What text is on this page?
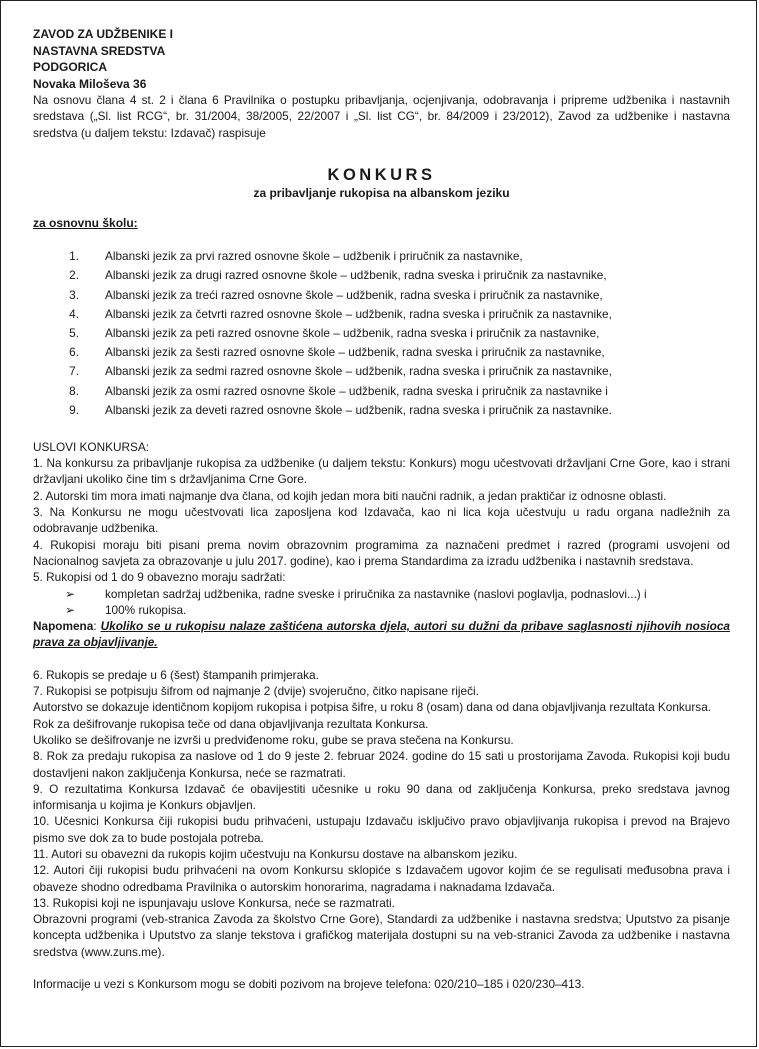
ZAVOD ZA UDŽBENIKE I
NASTAVNA SREDSTVA
PODGORICA
Novaka Miloševa 36

Na osnovu člana 4 st. 2 i člana 6 Pravilnika o postupku pribavljanja, ocjenjivanja, odobravanja i pripreme udžbenika i nastavnih sredstava („Sl. list RCG“, br. 31/2004, 38/2005, 22/2007 i „Sl. list CG“, br. 84/2009 i 23/2012), Zavod za udžbenike i nastavna sredstva (u daljem tekstu: Izdavač) raspisuje

KONKURS
za pribavljanje rukopisa na albanskom jeziku
za osnovnu školu:
1.	Albanski jezik za prvi razred osnovne škole – udžbenik i priručnik za nastavnike,
2.	Albanski jezik za drugi razred osnovne škole – udžbenik, radna sveska i priručnik za nastavnike,
3.	Albanski jezik za treći razred osnovne škole – udžbenik, radna sveska i priručnik za nastavnike,
4.	Albanski jezik za četvrti razred osnovne škole – udžbenik, radna sveska i priručnik za nastavnike,
5.	Albanski jezik za peti razred osnovne škole – udžbenik, radna sveska i priručnik za nastavnike,
6.	Albanski jezik za šesti razred osnovne škole – udžbenik, radna sveska i priručnik za nastavnike,
7.	Albanski jezik za sedmi razred osnovne škole – udžbenik, radna sveska i priručnik za nastavnike,
8.	Albanski jezik za osmi razred osnovne škole – udžbenik, radna sveska i priručnik za nastavnike i
9.	Albanski jezik za deveti razred osnovne škole – udžbenik, radna sveska i priručnik za nastavnike.
USLOVI KONKURSA:

1. Na konkursu za pribavljanje rukopisa za udžbenike (u daljem tekstu: Konkurs) mogu učestvovati državljani Crne Gore, kao i strani državljani ukoliko čine tim s državljanima Crne Gore.

2. Autorski tim mora imati najmanje dva člana, od kojih jedan mora biti naučni radnik, a jedan praktičar iz odnosne oblasti.

3. Na Konkursu ne mogu učestvovati lica zaposljena kod Izdavača, kao ni lica koja učestvuju u radu organa nadležnih za odobravanje udžbenika.

4. Rukopisi moraju biti pisani prema novim obrazovnim programima za naznačeni predmet i razred (programi usvojeni od Nacionalnog savjeta za obrazovanje u julu 2017. godine), kao i prema Standardima za izradu udžbenika i nastavnih sredstava.

5. Rukopisi od 1 do 9 obavezno moraju sadržati:

➢	kompletan sadržaj udžbenika, radne sveske i priručnika za nastavnike (naslovi poglavlja, podnaslovi...) i
➢	100% rukopisa.

Napomena: Ukoliko se u rukopisu nalaze zaštićena autorska djela, autori su dužni da pribave saglasnosti njihovih nosioca prava za objavljivanje.

6. Rukopis se predaje u 6 (šest) štampanih primjeraka.

7. Rukopisi se potpisuju šifrom od najmanje 2 (dvije) svojeručno, čitko napisane riječi.

Autorstvo se dokazuje identičnom kopijom rukopisa i potpisa šifre, u roku 8 (osam) dana od dana objavljivanja rezultata Konkursa.

Rok za dešifrovanje rukopisa teče od dana objavljivanja rezultata Konkursa.

Ukoliko se dešifrovanje ne izvrši u predviđenome roku, gube se prava stečena na Konkursu.

8. Rok za predaju rukopisa za naslove od 1 do 9 jeste 2. februar 2024. godine do 15 sati u prostorijama Zavoda. Rukopisi koji budu dostavljeni nakon zaključenja Konkursa, neće se razmatrati.

9. O rezultatima Konkursa Izdavač će obavijestiti učesnike u roku 90 dana od zaključenja Konkursa, preko sredstava javnog informisanja u kojima je Konkurs objavljen.

10. Učesnici Konkursa čiji rukopisi budu prihvaćeni, ustupaju Izdavaču isključivo pravo objavljivanja rukopisa i prevod na Brajevo pismo sve dok za to bude postojala potreba.

11. Autori su obavezni da rukopis kojim učestvuju na Konkursu dostave na albanskom jeziku.

12. Autori čiji rukopisi budu prihvaćeni na ovom Konkursu sklopiće s Izdavačem ugovor kojim će se regulisati međusobna prava i obaveze shodno odredbama Pravilnika o autorskim honorarima, nagradama i naknadama Izdavača.

13. Rukopisi koji ne ispunjavaju uslove Konkursa, neće se razmatrati.

Obrazovni programi (veb-stranica Zavoda za školstvo Crne Gore), Standardi za udžbenike i nastavna sredstva; Uputstvo za pisanje koncepta udžbenika i Uputstvo za slanje tekstova i grafičkog materijala dostupni su na veb-stranici Zavoda za udžbenike i nastavna sredstva (www.zuns.me).

Informacije u vezi s Konkursom mogu se dobiti pozivom na brojeve telefona: 020/210–185 i 020/230–413.
